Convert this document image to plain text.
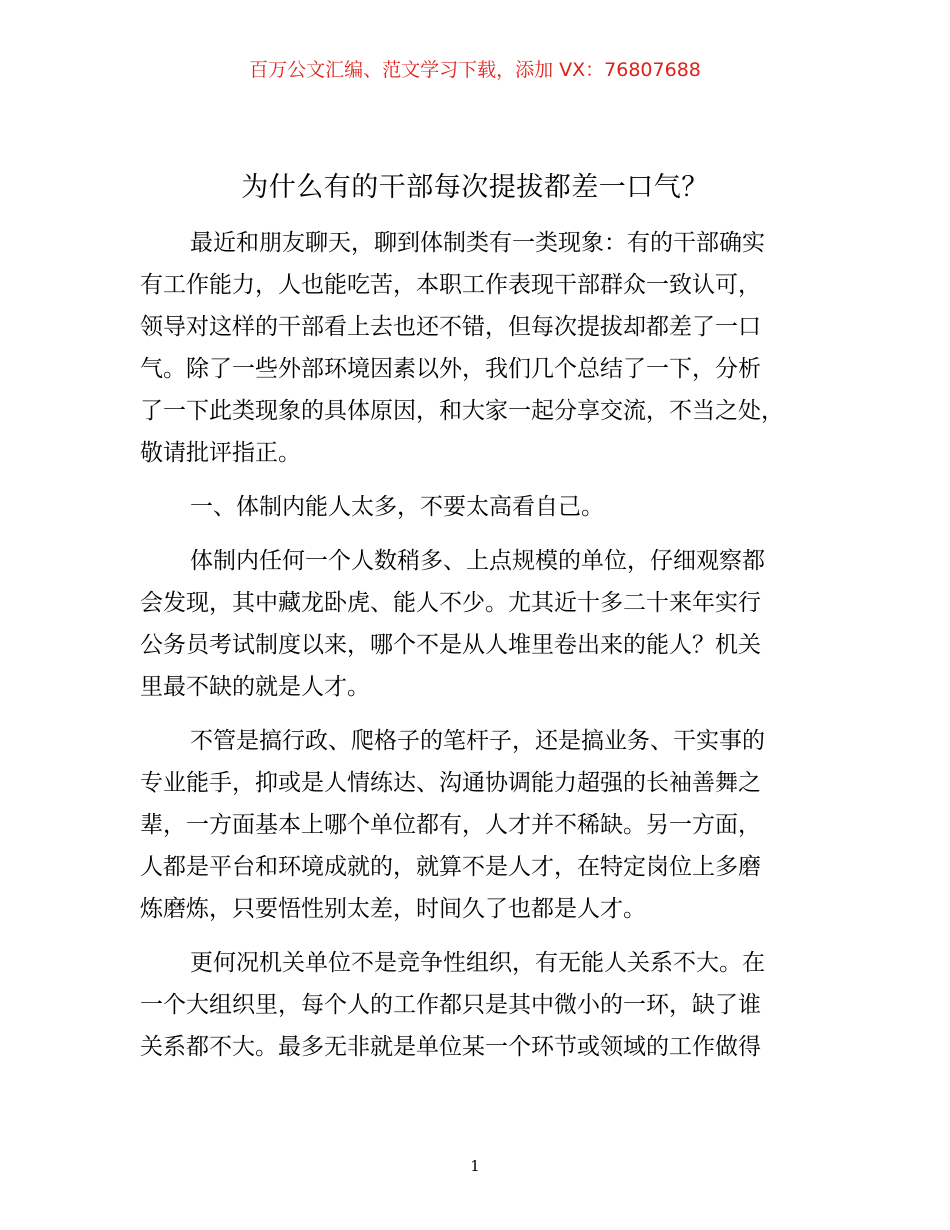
百万公文汇编、范文学习下载，添加 VX：76807688
为什么有的干部每次提拔都差一口气？
最近和朋友聊天，聊到体制类有一类现象：有的干部确实
有工作能力，人也能吃苦，本职工作表现干部群众一致认可，
领导对这样的干部看上去也还不错，但每次提拔却都差了一口
气。除了一些外部环境因素以外，我们几个总结了一下，分析
了一下此类现象的具体原因，和大家一起分享交流，不当之处，
敬请批评指正。
一、体制内能人太多，不要太高看自己。
体制内任何一个人数稍多、上点规模的单位，仔细观察都
会发现，其中藏龙卧虎、能人不少。尤其近十多二十来年实行
公务员考试制度以来，哪个不是从人堆里卷出来的能人？机关
里最不缺的就是人才。
不管是搞行政、爬格子的笔杆子，还是搞业务、干实事的
专业能手，抑或是人情练达、沟通协调能力超强的长袖善舞之
辈，一方面基本上哪个单位都有，人才并不稀缺。另一方面，
人都是平台和环境成就的，就算不是人才，在特定岗位上多磨
炼磨炼，只要悟性别太差，时间久了也都是人才。
更何况机关单位不是竞争性组织，有无能人关系不大。在
一个大组织里，每个人的工作都只是其中微小的一环，缺了谁
关系都不大。最多无非就是单位某一个环节或领域的工作做得
1
